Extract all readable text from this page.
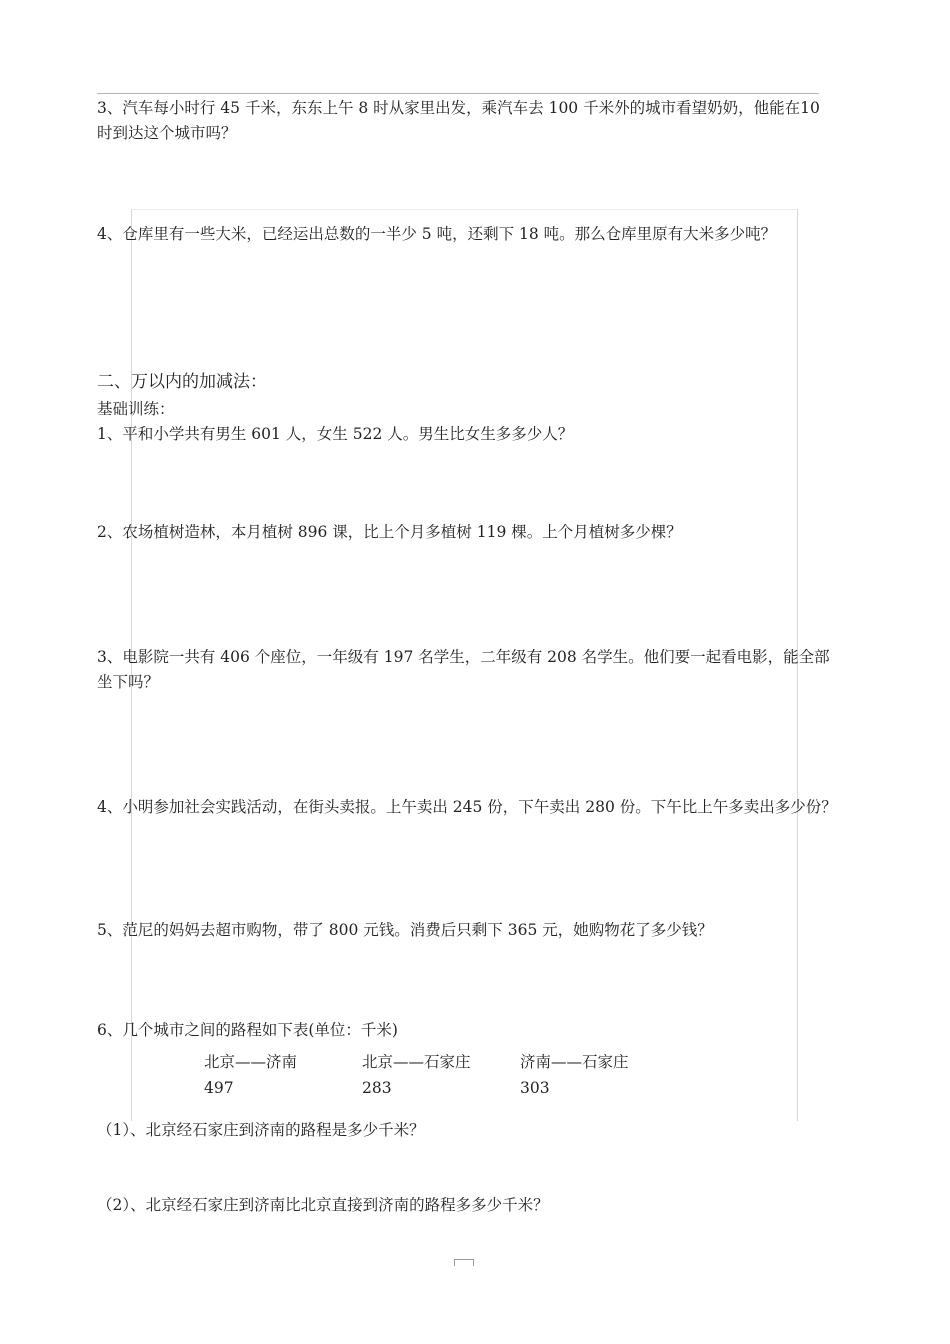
3、汽车每小时行 45 千米，东东上午 8 时从家里出发，乘汽车去 100 千米外的城市看望奶奶，他能在10 时到达这个城市吗？
4、仓库里有一些大米，已经运出总数的一半少 5 吨，还剩下 18 吨。那么仓库里原有大米多少吨？
二、万以内的加减法：
基础训练：
1、平和小学共有男生 601 人，女生 522 人。男生比女生多多少人？
2、农场植树造林，本月植树 896 课，比上个月多植树 119 棵。上个月植树多少棵？
3、电影院一共有 406 个座位，一年级有 197 名学生，二年级有 208 名学生。他们要一起看电影，能全部坐下吗？
4、小明参加社会实践活动，在街头卖报。上午卖出 245 份，下午卖出 280 份。下午比上午多卖出多少份？
5、范尼的妈妈去超市购物，带了 800 元钱。消费后只剩下 365 元，她购物花了多少钱？
6、几个城市之间的路程如下表(单位：千米)
北京——济南	北京——石家庄	济南——石家庄
497	283	303
（1）、北京经石家庄到济南的路程是多少千米？
（2）、北京经石家庄到济南比北京直接到济南的路程多多少千米？
